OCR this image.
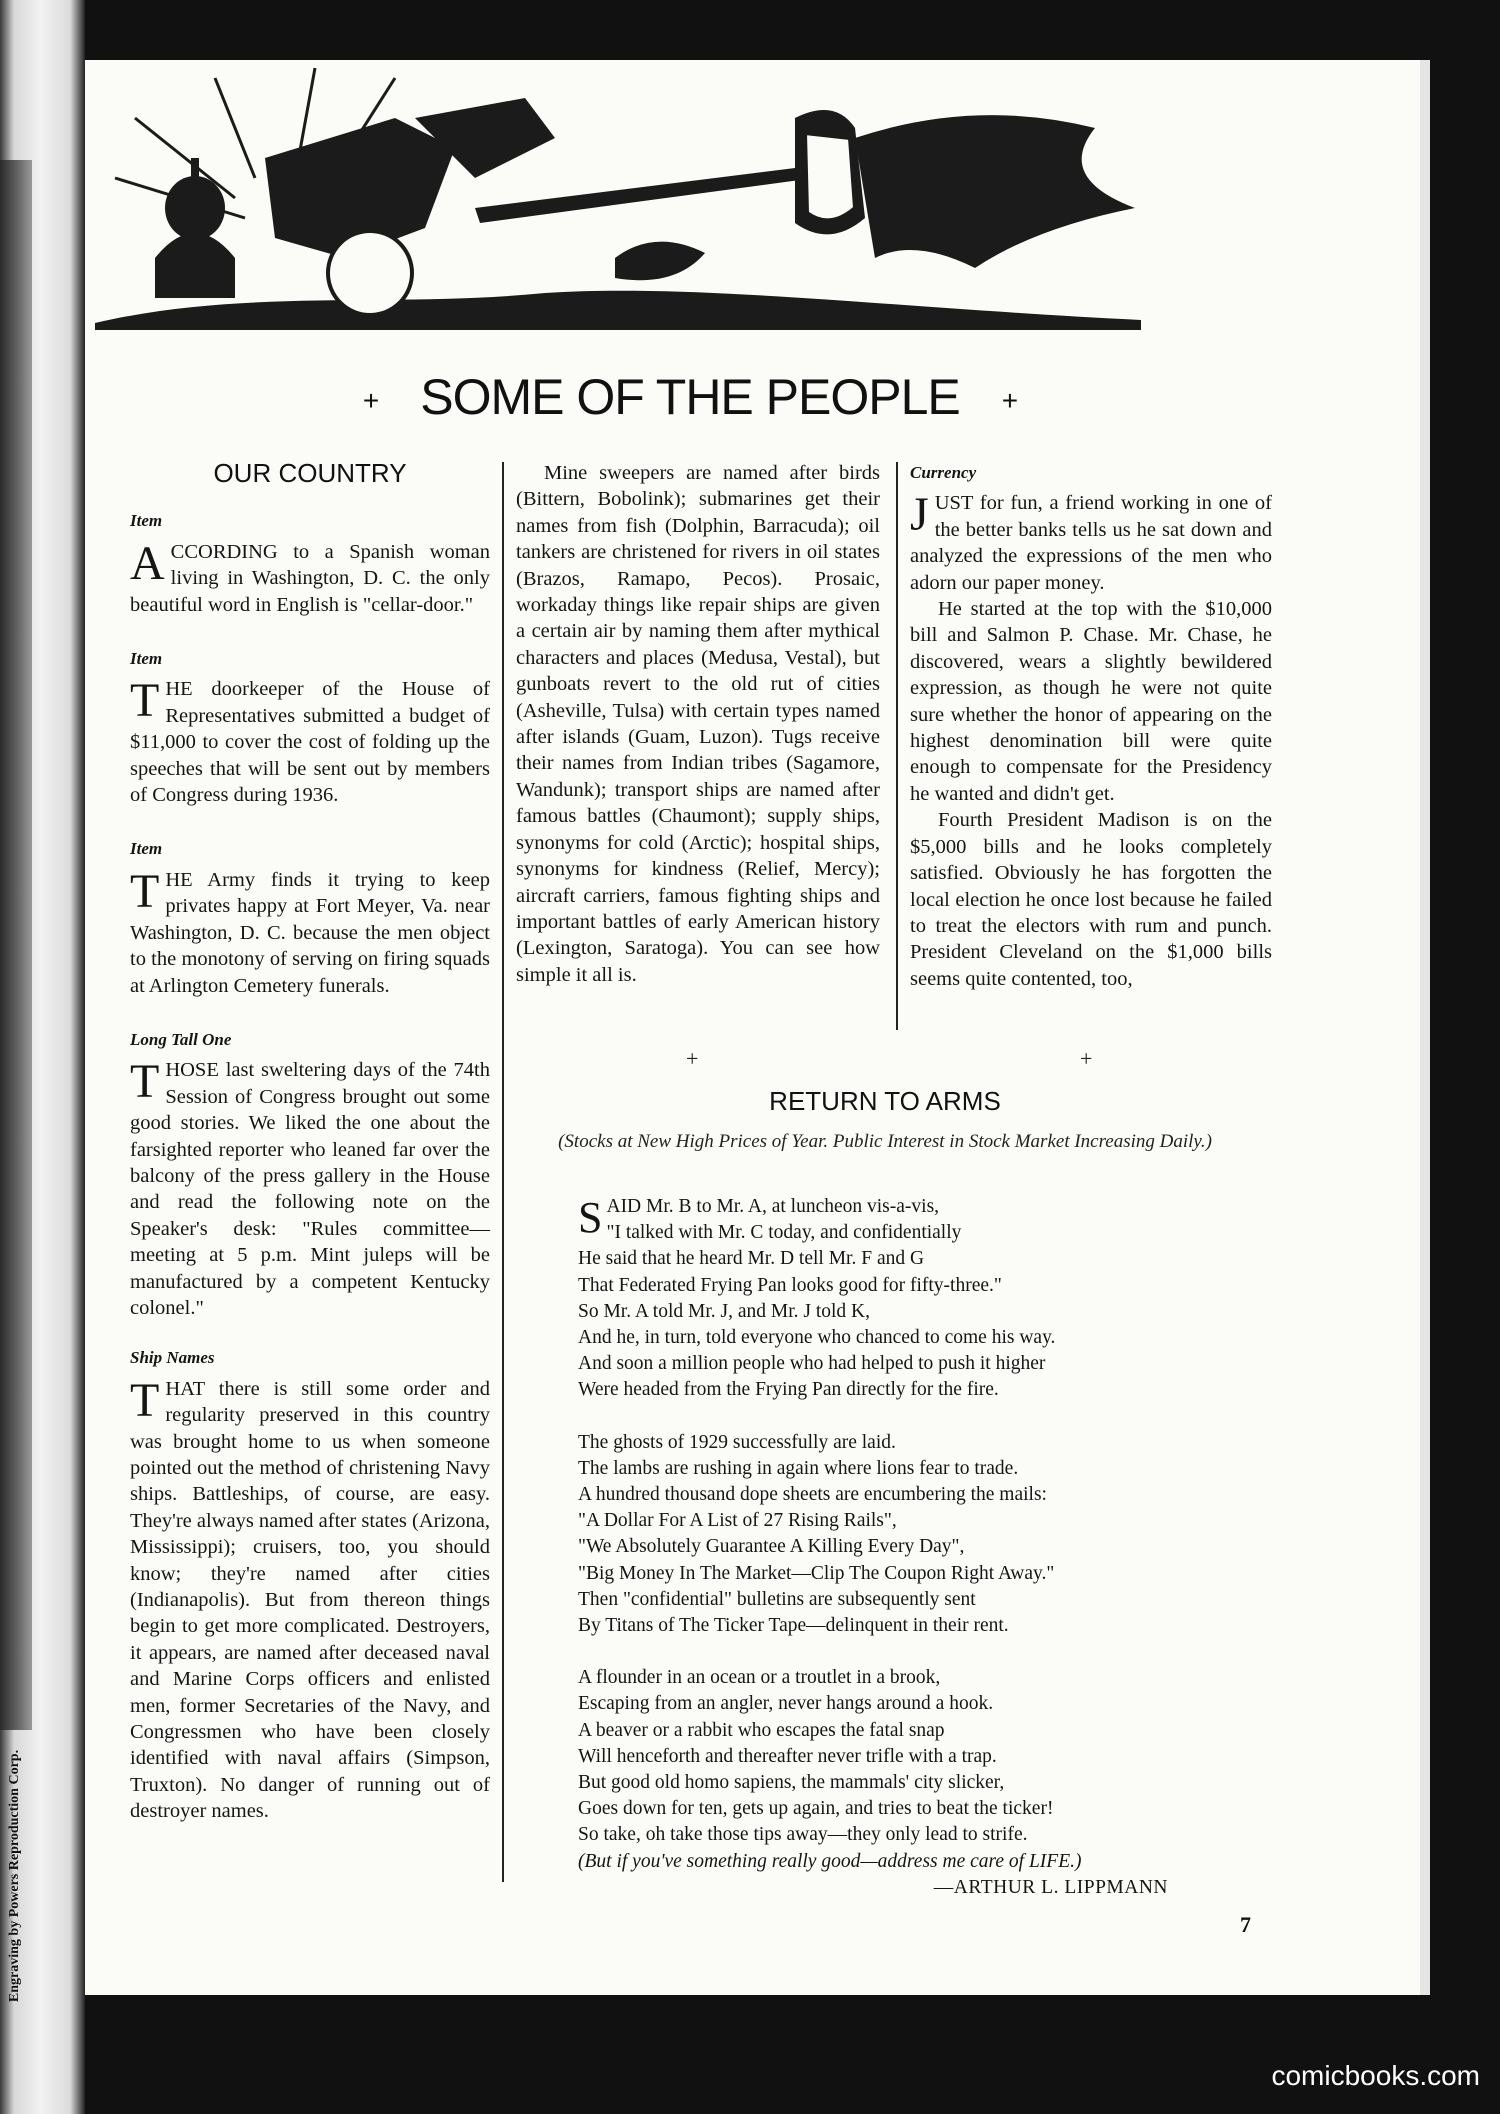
Engraving by Powers Reproduction Corp.
+ SOME OF THE PEOPLE +
OUR COUNTRY
Item

ACCORDING to a Spanish woman living in Washington, D. C. the only beautiful word in English is "cellar-door."

Item

THE doorkeeper of the House of Representatives submitted a budget of $11,000 to cover the cost of folding up the speeches that will be sent out by members of Congress during 1936.

Item

THE Army finds it trying to keep privates happy at Fort Meyer, Va. near Washington, D. C. because the men object to the monotony of serving on firing squads at Arlington Cemetery funerals.

Long Tall One

THOSE last sweltering days of the 74th Session of Congress brought out some good stories. We liked the one about the farsighted reporter who leaned far over the balcony of the press gallery in the House and read the following note on the Speaker's desk: "Rules committee—meeting at 5 p.m. Mint juleps will be manufactured by a competent Kentucky colonel."

Ship Names

THAT there is still some order and regularity preserved in this country was brought home to us when someone pointed out the method of christening Navy ships. Battleships, of course, are easy. They're always named after states (Arizona, Mississippi); cruisers, too, you should know; they're named after cities (Indianapolis). But from thereon things begin to get more complicated. Destroyers, it appears, are named after deceased naval and Marine Corps officers and enlisted men, former Secretaries of the Navy, and Congressmen who have been closely identified with naval affairs (Simpson, Truxton). No danger of running out of destroyer names.

Mine sweepers are named after birds (Bittern, Bobolink); submarines get their names from fish (Dolphin, Barracuda); oil tankers are christened for rivers in oil states (Brazos, Ramapo, Pecos). Prosaic, workaday things like repair ships are given a certain air by naming them after mythical characters and places (Medusa, Vestal), but gunboats revert to the old rut of cities (Asheville, Tulsa) with certain types named after islands (Guam, Luzon). Tugs receive their names from Indian tribes (Sagamore, Wandunk); transport ships are named after famous battles (Chaumont); supply ships, synonyms for cold (Arctic); hospital ships, synonyms for kindness (Relief, Mercy); aircraft carriers, famous fighting ships and important battles of early American history (Lexington, Saratoga). You can see how simple it all is.

Currency

JUST for fun, a friend working in one of the better banks tells us he sat down and analyzed the expressions of the men who adorn our paper money.

He started at the top with the $10,000 bill and Salmon P. Chase. Mr. Chase, he discovered, wears a slightly bewildered expression, as though he were not quite sure whether the honor of appearing on the highest denomination bill were quite enough to compensate for the Presidency he wanted and didn't get.

Fourth President Madison is on the $5,000 bills and he looks completely satisfied. Obviously he has forgotten the local election he once lost because he failed to treat the electors with rum and punch. President Cleveland on the $1,000 bills seems quite contented, too,

+	+
RETURN TO ARMS
(Stocks at New High Prices of Year. Public Interest in Stock Market Increasing Daily.)
SAID Mr. B to Mr. A, at luncheon vis-a-vis,
"I talked with Mr. C today, and confidentially
He said that he heard Mr. D tell Mr. F and G
That Federated Frying Pan looks good for fifty-three."
So Mr. A told Mr. J, and Mr. J told K,
And he, in turn, told everyone who chanced to come his way.
And soon a million people who had helped to push it higher
Were headed from the Frying Pan directly for the fire.
The ghosts of 1929 successfully are laid.
The lambs are rushing in again where lions fear to trade.
A hundred thousand dope sheets are encumbering the mails:
"A Dollar For A List of 27 Rising Rails",
"We Absolutely Guarantee A Killing Every Day",
"Big Money In The Market—Clip The Coupon Right Away."
Then "confidential" bulletins are subsequently sent
By Titans of The Ticker Tape—delinquent in their rent.
A flounder in an ocean or a troutlet in a brook,
Escaping from an angler, never hangs around a hook.
A beaver or a rabbit who escapes the fatal snap
Will henceforth and thereafter never trifle with a trap.
But good old homo sapiens, the mammals' city slicker,
Goes down for ten, gets up again, and tries to beat the ticker!
So take, oh take those tips away—they only lead to strife.
(But if you've something really good—address me care of LIFE.)
—ARTHUR L. LIPPMANN
7
comicbooks.com
